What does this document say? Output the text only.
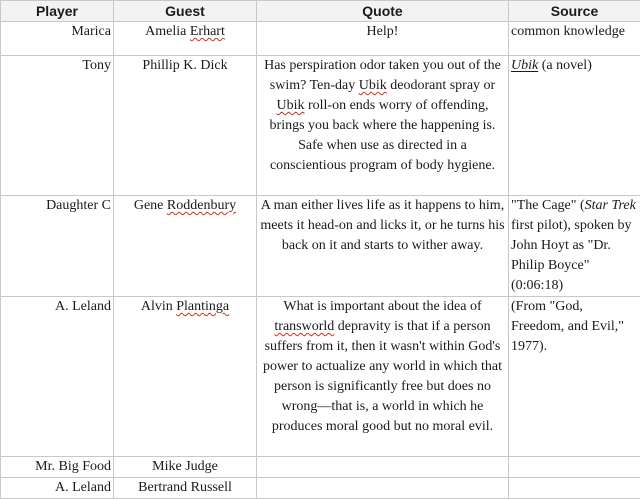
Player	Guest	Quote	Source
Marica	Amelia Erhart	Help!	common knowledge
Tony	Phillip K. Dick	Has perspiration odor taken you out of the swim? Ten-day Ubik deodorant spray or Ubik roll-on ends worry of offending, brings you back where the happening is. Safe when use as directed in a conscientious program of body hygiene.	Ubik (a novel)
Daughter C	Gene Roddenbury	A man either lives life as it happens to him, meets it head-on and licks it, or he turns his back on it and starts to wither away.	"The Cage" (Star Trek first pilot), spoken by John Hoyt as "Dr. Philip Boyce" (0:06:18)
A. Leland	Alvin Plantinga	What is important about the idea of transworld depravity is that if a person suffers from it, then it wasn't within God's power to actualize any world in which that person is significantly free but does no wrong—that is, a world in which he produces moral good but no moral evil.	(From "God, Freedom, and Evil," 1977).
Mr. Big Food	Mike Judge		
A. Leland	Bertrand Russell		
